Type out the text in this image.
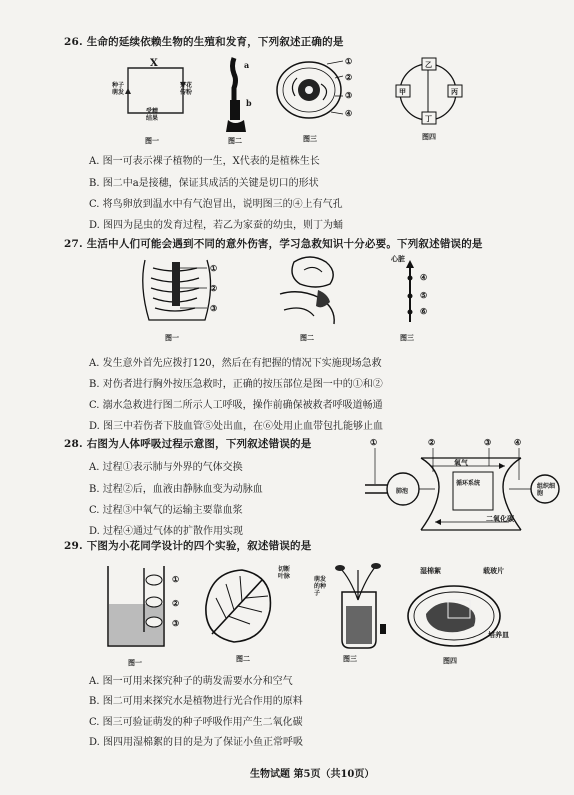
26. 生命的延续依赖生物的生殖和发育，下列叙述正确的是
X
种子萌发
开花传粉
受精结果
图一
a
b
图二
①
②
③
④
图三
乙
甲	丙
丁
图四
A. 图一可表示裸子植物的一生，X代表的是植株生长
B. 图二中a是接穗，保证其成活的关键是切口的形状
C. 将鸟卵放到温水中有气泡冒出，说明图三的④上有气孔
D. 图四为昆虫的发育过程，若乙为家蚕的幼虫，则丁为蛹
27. 生活中人们可能会遇到不同的意外伤害，学习急救知识十分必要。下列叙述错误的是
①
②
③
图一	图二
心脏
④
⑤
⑥
图三
A. 发生意外首先应拨打120，然后在有把握的情况下实施现场急救
B. 对伤者进行胸外按压急救时，正确的按压部位是图一中的①和②
C. 溺水急救进行图二所示人工呼吸，操作前确保被救者呼吸道畅通
D. 图三中若伤者下肢血管⑤处出血，在⑥处用止血带包扎能够止血
28. 右图为人体呼吸过程示意图，下列叙述错误的是
A. 过程①表示肺与外界的气体交换
B. 过程②后，血液由静脉血变为动脉血
C. 过程③中氧气的运输主要靠血浆
D. 过程④通过气体的扩散作用实现
①	②	③	④
肺泡
循环系统	组织细胞
氧气
二氧化碳
29. 下图为小花同学设计的四个实验，叙述错误的是
①
②
③
图一
切断叶脉
图二
萌发的种子
图三
湿棉絮	载玻片
培养皿
图四
A. 图一可用来探究种子的萌发需要水分和空气
B. 图二可用来探究水是植物进行光合作用的原料
C. 图三可验证萌发的种子呼吸作用产生二氧化碳
D. 图四用湿棉絮的目的是为了保证小鱼正常呼吸
生物试题 第5页（共10页）
